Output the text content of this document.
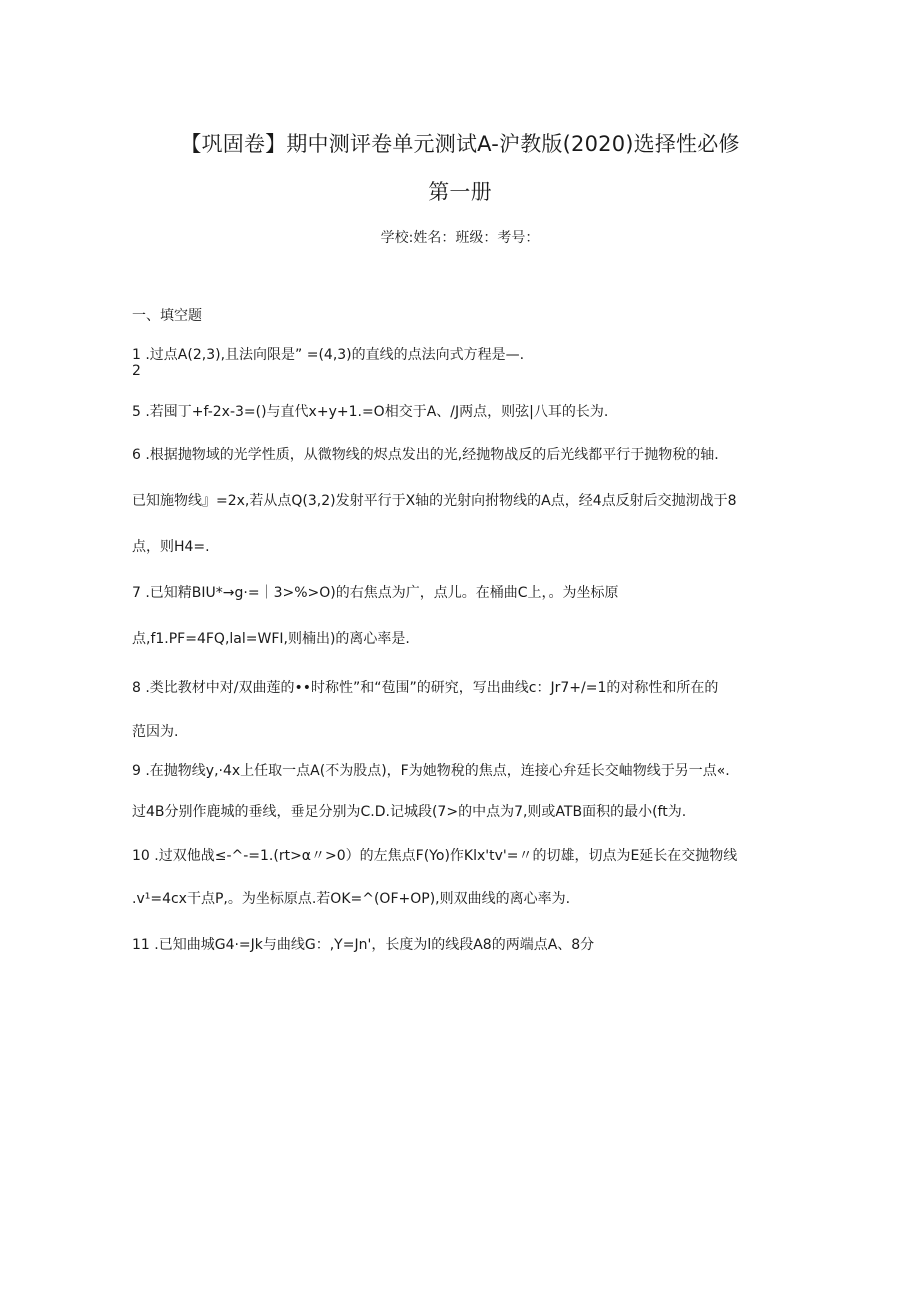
【巩固卷】期中测评卷单元测试A-沪教版(2020)选择性必修
第一册
学校:姓名：班级：考号：
一、填空题
1 .过点A(2,3),且法向限是” =(4,3)的直线的点法向式方程是—.
2
5 .若囤丁+f-2x-3=()与直代x+y+1.=O相交于A、/J两点，则弦|八耳的长为.
6 .根据抛物域的光学性质，从微物线的烬点发出的光,经抛物战反的后光线都平行于抛物稅的轴.
已知施物线』=2x,若从点Q(3,2)发射平行于X轴的光射向拊物线的A点，经4点反射后交抛沏战于8
点，则H4=.
7 .已知精BIU*→g·=｜3>%>O)的右焦点为广，点儿。在桶曲C上，。为坐标原
点,f1.PF=4FQ,lal=WFI,则楠出)的离心率是.
8 .类比教材中对/双曲莲的••时称性”和“苞围”的研究，写出曲线c：Jr7+/=1的对称性和所在的
范因为.
9 .在抛物线y,·4x上任取一点A(不为股点)，F为她物稅的焦点，连接心弁廷长交岫物线于另一点«.
过4B分别作鹿城的垂线，垂足分别为C.D.记城段(7>的中点为7,则或ATB面积的最小(ft为.
10 .过双他战≤-^-=1.(rt>α〃>0）的左焦点F(Yo)作Klx'tv'=〃的切雄，切点为E延长在交抛物线
.v¹=4cx干点P,。为坐标原点.若OK=^(OF+OP),则双曲线的离心率为.
11 .已知曲城G4·=Jk与曲线G：,Y=Jn'，长度为l的线段A8的两端点A、8分
